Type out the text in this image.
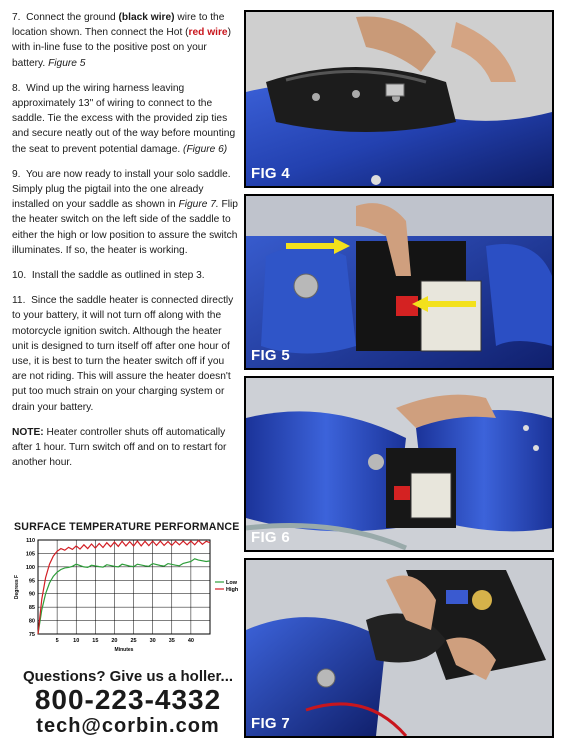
7. Connect the ground (black wire) wire to the location shown. Then connect the Hot (red wire) with in-line fuse to the positive post on your battery. Figure 5

8. Wind up the wiring harness leaving approximately 13" of wiring to connect to the saddle. Tie the excess with the provided zip ties and secure neatly out of the way before mounting the seat to prevent potential damage. (Figure 6)

9. You are now ready to install your solo saddle. Simply plug the pigtail into the one already installed on your saddle as shown in Figure 7. Flip the heater switch on the left side of the saddle to either the high or low position to assure the switch illuminates. If so, the heater is working.

10. Install the saddle as outlined in step 3.

11. Since the saddle heater is connected directly to your battery, it will not turn off along with the motorcycle ignition switch. Although the heater unit is designed to turn itself off after one hour of use, it is best to turn the heater switch off if you are not riding. This will assure the heater doesn't put too much strain on your charging system or drain your battery.

NOTE: Heater controller shuts off automatically after 1 hour. Turn switch off and on to restart for another hour.

SURFACE TEMPERATURE PERFORMANCE
75
80
85
90
95
100
105
110
5	10 15 20 25 30 35 40
Minutes
Degrees F	Low
High
Questions? Give us a holler...
800-223-4332
tech@corbin.com
FIG 4
FIG 5
FIG 6
FIG 7
